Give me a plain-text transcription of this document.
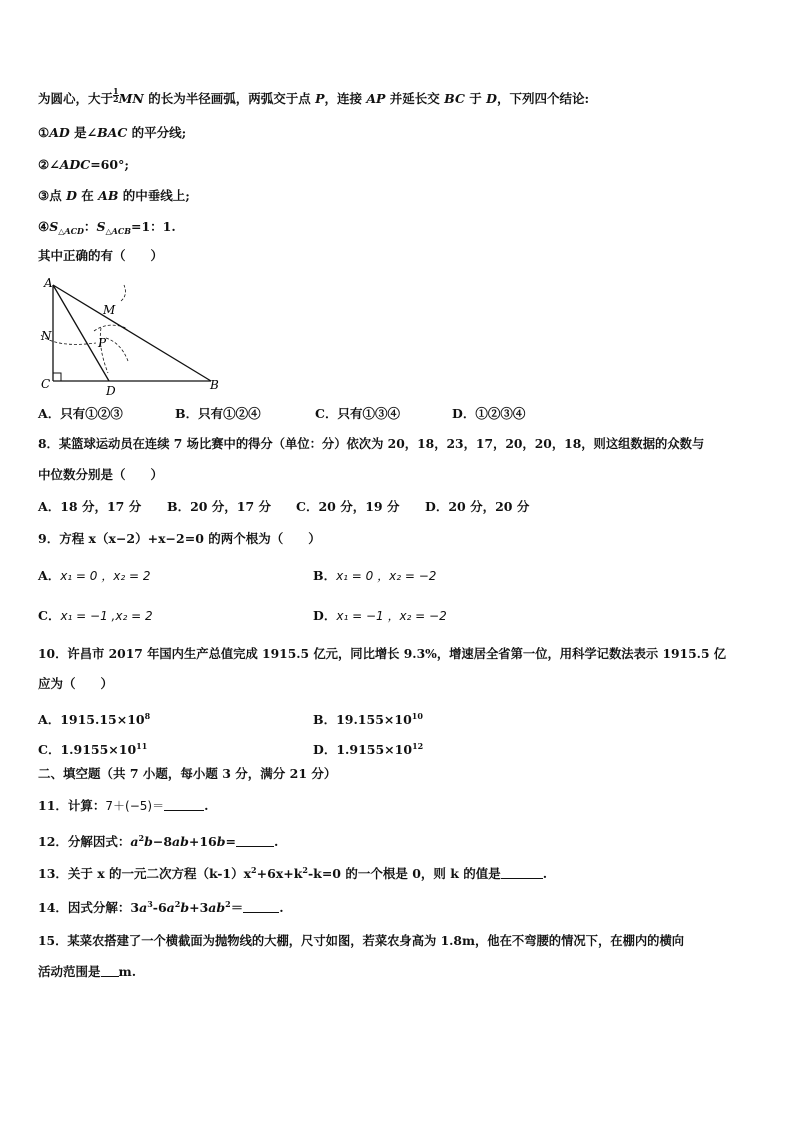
为圆心，大于 $\frac{1}{2}$ MN 的长为半径画弧，两弧交于点 P，连接 AP 并延长交 BC 于 D，下列四个结论:
①AD 是∠BAC 的平分线;
②∠ADC=60°;
③点 D 在 AB 的中垂线上;
$④S_{\triangle ACD}$：$S_{\triangle ACB}=1$：1.
其中正确的有（　　）
A
M
N	P
C	D	B
A．只有①②③	B．只有①②④	C．只有①③④	D．①②③④
8．某篮球运动员在连续 7 场比赛中的得分（单位：分）依次为 20，18，23，17，20，20，18，则这组数据的众数与
中位数分别是（　　）
A．18 分，17 分 B．20 分，17 分 C．20 分，19 分 D．20 分，20 分
9．方程 x（x−2）+x−2=0 的两个根为（　　）
A．x₁ = 0 ，x₂ = 2	B．x₁ = 0 ，x₂ = −2
C．x₁ = −1 ,x₂ = 2	D．x₁ = −1 ，x₂ = −2
10．许昌市 2017 年国内生产总值完成 1915.5 亿元，同比增长 9.3%，增速居全省第一位，用科学记数法表示 1915.5 亿
应为（　　）
A．$1915.15\times 10^8$	B．$19.155\times 10^{10}$
C．$1.9155\times 10^{11}$	D．$1.9155\times 10^{12}$
二、填空题（共 7 小题，每小题 3 分，满分 21 分）
11．计算：7＋(−5)＝	.
12．分解因式：$a^2b-8ab+16b=$	.
13．关于 x 的一元二次方程$(k-1)x^2+6x+k^2-k=0$ 的一个根是 0，则 k 的值是	.
14．因式分解：$3a^3-6a^2b+3ab^2=$	.
15．某菜农搭建了一个横截面为抛物线的大棚，尺寸如图，若菜农身高为 1.8m，他在不弯腰的情况下，在棚内的横向
活动范围是 m.
